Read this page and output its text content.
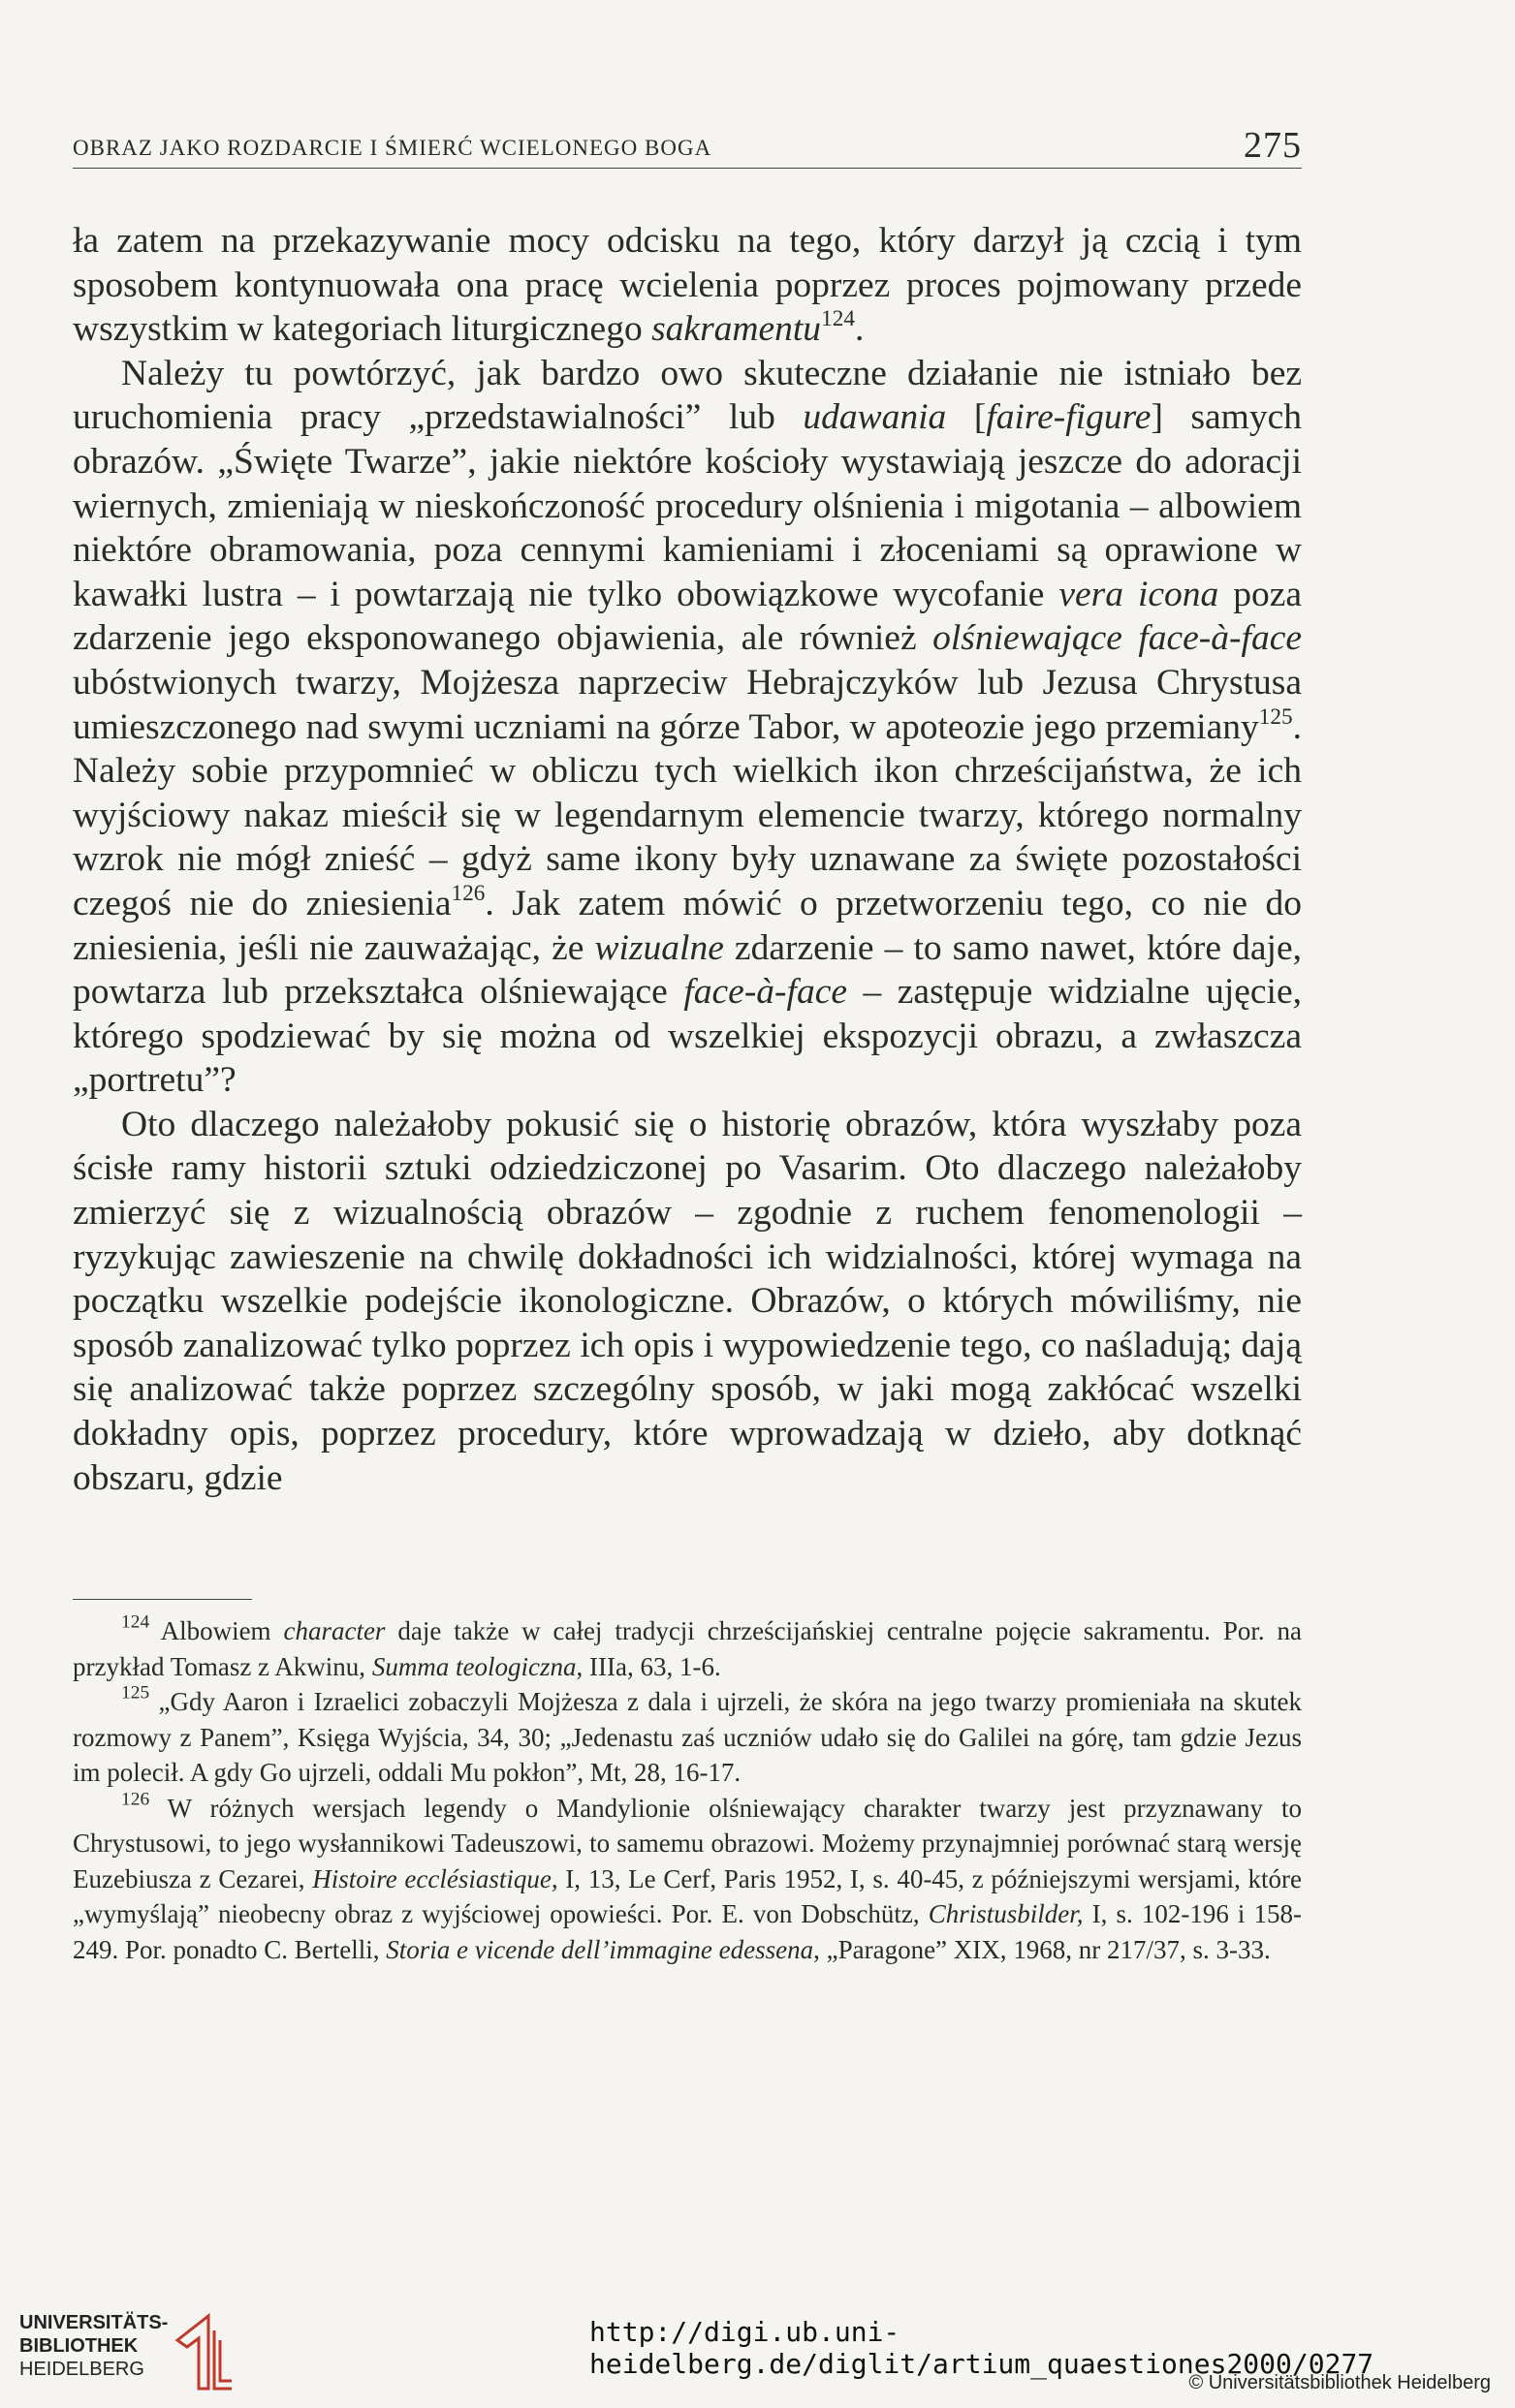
OBRAZ JAKO ROZDARCIE I ŚMIERĆ WCIELONEGO BOGA	275

ła zatem na przekazywanie mocy odcisku na tego, który darzył ją czcią i tym sposobem kontynuowała ona pracę wcielenia poprzez proces pojmowany przede wszystkim w kategoriach liturgicznego sakramentu$^{124}$.

Należy tu powtórzyć, jak bardzo owo skuteczne działanie nie istniało bez uruchomienia pracy „przedstawialności” lub udawania [faire-figure] samych obrazów. „Święte Twarze”, jakie niektóre kościoły wystawiają jeszcze do adoracji wiernych, zmieniają w nieskończoność procedury olśnienia i migotania – albowiem niektóre obramowania, poza cennymi kamieniami i złoceniami są oprawione w kawałki lustra – i powtarzają nie tylko obowiązkowe wycofanie vera icona poza zdarzenie jego eksponowanego objawienia, ale również olśniewające face-à-face ubóstwionych twarzy, Mojżesza naprzeciw Hebrajczyków lub Jezusa Chrystusa umieszczonego nad swymi uczniami na górze Tabor, w apoteozie jego przemiany$^{125}$. Należy sobie przypomnieć w obliczu tych wielkich ikon chrześcijaństwa, że ich wyjściowy nakaz mieścił się w legendarnym elemencie twarzy, którego normalny wzrok nie mógł znieść – gdyż same ikony były uznawane za święte pozostałości czegoś nie do zniesienia$^{126}$. Jak zatem mówić o przetworzeniu tego, co nie do zniesienia, jeśli nie zauważając, że wizualne zdarzenie – to samo nawet, które daje, powtarza lub przekształca olśniewające face-à-face – zastępuje widzialne ujęcie, którego spodziewać by się można od wszelkiej ekspozycji obrazu, a zwłaszcza „portretu”?

Oto dlaczego należałoby pokusić się o historię obrazów, która wyszłaby poza ścisłe ramy historii sztuki odziedziczonej po Vasarim. Oto dlaczego należałoby zmierzyć się z wizualnością obrazów – zgodnie z ruchem fenomenologii – ryzykując zawieszenie na chwilę dokładności ich widzialności, której wymaga na początku wszelkie podejście ikonologiczne. Obrazów, o których mówiliśmy, nie sposób zanalizować tylko poprzez ich opis i wypowiedzenie tego, co naśladują; dają się analizować także poprzez szczególny sposób, w jaki mogą zakłócać wszelki dokładny opis, poprzez procedury, które wprowadzają w dzieło, aby dotknąć obszaru, gdzie

$^{124}$ Albowiem character daje także w całej tradycji chrześcijańskiej centralne pojęcie sakramentu. Por. na przykład Tomasz z Akwinu, Summa teologiczna, IIIa, 63, 1-6.

$^{125}$ „Gdy Aaron i Izraelici zobaczyli Mojżesza z dala i ujrzeli, że skóra na jego twarzy promieniała na skutek rozmowy z Panem”, Księga Wyjścia, 34, 30; „Jedenastu zaś uczniów udało się do Galilei na górę, tam gdzie Jezus im polecił. A gdy Go ujrzeli, oddali Mu pokłon”, Mt, 28, 16-17.

$^{126}$ W różnych wersjach legendy o Mandylionie olśniewający charakter twarzy jest przyznawany to Chrystusowi, to jego wysłannikowi Tadeuszowi, to samemu obrazowi. Możemy przynajmniej porównać starą wersję Euzebiusza z Cezarei, Histoire ecclésiastique, I, 13, Le Cerf, Paris 1952, I, s. 40-45, z późniejszymi wersjami, które „wymyślają” nieobecny obraz z wyjściowej opowieści. Por. E. von Dobschütz, Christusbilder, I, s. 102-196 i 158-249. Por. ponadto C. Bertelli, Storia e vicende dell’immagine edessena, „Paragone” XIX, 1968, nr 217/37, s. 3-33.

UNIVERSITÄTS-
BIBLIOTHEK
HEIDELBERG
http://digi.ub.uni-heidelberg.de/diglit/artium_quaestiones2000/0277
© Universitätsbibliothek Heidelberg
